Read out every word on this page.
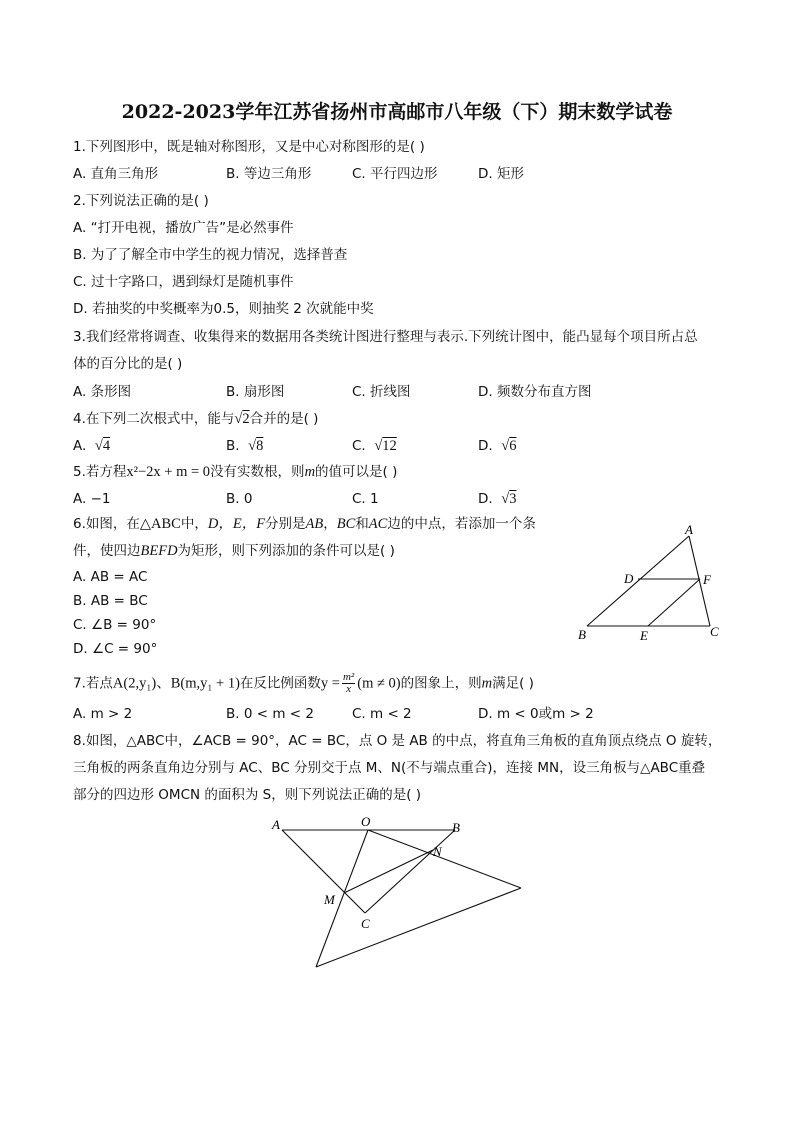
2022-2023学年江苏省扬州市高邮市八年级（下）期末数学试卷
1.下列图形中，既是轴对称图形，又是中心对称图形的是( )
A. 直角三角形	B. 等边三角形	C. 平行四边形	D. 矩形
2.下列说法正确的是( )
A. “打开电视，播放广告”是必然事件
B. 为了了解全市中学生的视力情况，选择普查
C. 过十字路口，遇到绿灯是随机事件
D. 若抽奖的中奖概率为0.5，则抽奖 2 次就能中奖
3.我们经常将调查、收集得来的数据用各类统计图进行整理与表示.下列统计图中，能凸显每个项目所占总
体的百分比的是( )
A. 条形图	B. 扇形图	C. 折线图	D. 频数分布直方图
4.在下列二次根式中，能与√2合并的是( )
A. √4	B. √8	C. √12	D. √6
5.若方程x²−2x + m = 0没有实数根，则m的值可以是( )
A. −1	B. 0	C. 1	D. √3
6.如图，在△ABC中，D，E，F分别是AB，BC和AC边的中点，若添加一个条
件，使四边BEFD为矩形，则下列添加的条件可以是( )
A. AB = AC
B. AB = BC
C. ∠B = 90°
D. ∠C = 90°
A
B	C
D
E
F
7.若点A(2,y₁)、B(m,y₁ + 1)在反比例函数$y = \frac{\text{m²}}{x} (m \ne 0)$的图象上，则m满足( )
A. m > 2	B. 0 < m < 2	C. m < 2	D. m < 0或m > 2
8.如图，△ABC中，∠ACB = 90°，AC = BC，点 O 是 AB 的中点，将直角三角板的直角顶点绕点 O 旋转，
三角板的两条直角边分别与 AC、BC 分别交于点 M、N(不与端点重合)，连接 MN，设三角板与△ABC重叠
部分的四边形 OMCN 的面积为 S，则下列说法正确的是( )
A	O	B
N
M
C
